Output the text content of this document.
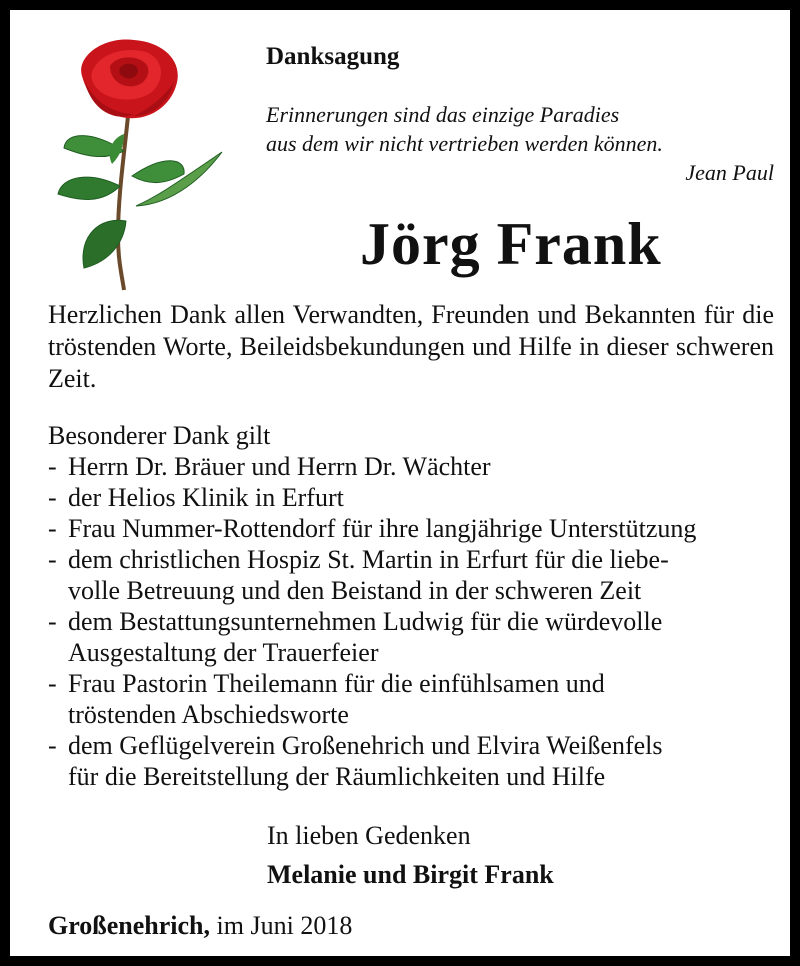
Danksagung
Erinnerungen sind das einzige Paradies
aus dem wir nicht vertrieben werden können.
Jean Paul
Jörg Frank
Herzlichen Dank allen Verwandten, Freunden und Bekannten für die tröstenden Worte, Beileidsbekundungen und Hilfe in dieser schweren Zeit.
Besonderer Dank gilt
- Herrn Dr. Bräuer und Herrn Dr. Wächter
- der Helios Klinik in Erfurt
- Frau Nummer-Rottendorf für ihre langjährige Unterstützung
- dem christlichen Hospiz St. Martin in Erfurt für die liebe-
volle Betreuung und den Beistand in der schweren Zeit
- dem Bestattungsunternehmen Ludwig für die würdevolle
Ausgestaltung der Trauerfeier
- Frau Pastorin Theilemann für die einfühlsamen und
tröstenden Abschiedsworte
- dem Geflügelverein Großenehrich und Elvira Weißenfels
für die Bereitstellung der Räumlichkeiten und Hilfe
In lieben Gedenken
Melanie und Birgit Frank
Großenehrich, im Juni 2018
